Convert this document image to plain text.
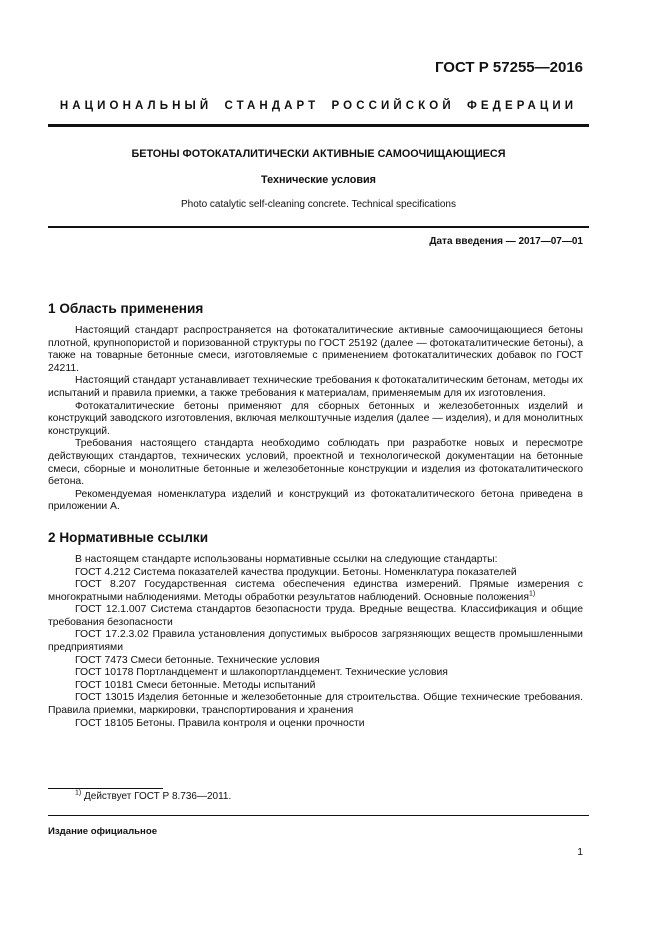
ГОСТ Р 57255—2016
НАЦИОНАЛЬНЫЙ СТАНДАРТ РОССИЙСКОЙ ФЕДЕРАЦИИ
БЕТОНЫ ФОТОКАТАЛИТИЧЕСКИ АКТИВНЫЕ САМООЧИЩАЮЩИЕСЯ
Технические условия
Photo catalytic self-cleaning concrete. Technical specifications
Дата введения — 2017—07—01
1 Область применения

Настоящий стандарт распространяется на фотокаталитические активные самоочищающиеся бетоны плотной, крупнопористой и поризованной структуры по ГОСТ 25192 (далее — фотокаталитические бетоны), а также на товарные бетонные смеси, изготовляемые с применением фотокаталитических добавок по ГОСТ 24211.

Настоящий стандарт устанавливает технические требования к фотокаталитическим бетонам, методы их испытаний и правила приемки, а также требования к материалам, применяемым для их изготовления.

Фотокаталитические бетоны применяют для сборных бетонных и железобетонных изделий и конструкций заводского изготовления, включая мелкоштучные изделия (далее — изделия), и для монолитных конструкций.

Требования настоящего стандарта необходимо соблюдать при разработке новых и пересмотре действующих стандартов, технических условий, проектной и технологической документации на бетонные смеси, сборные и монолитные бетонные и железобетонные конструкции и изделия из фотокаталитического бетона.

Рекомендуемая номенклатура изделий и конструкций из фотокаталитического бетона приведена в приложении А.

2 Нормативные ссылки

В настоящем стандарте использованы нормативные ссылки на следующие стандарты:

ГОСТ 4.212 Система показателей качества продукции. Бетоны. Номенклатура показателей

ГОСТ 8.207 Государственная система обеспечения единства измерений. Прямые измерения с многократными наблюдениями. Методы обработки результатов наблюдений. Основные положения$^{1)}$

ГОСТ 12.1.007 Система стандартов безопасности труда. Вредные вещества. Классификация и общие требования безопасности

ГОСТ 17.2.3.02 Правила установления допустимых выбросов загрязняющих веществ промышленными предприятиями

ГОСТ 7473 Смеси бетонные. Технические условия

ГОСТ 10178 Портландцемент и шлакопортландцемент. Технические условия

ГОСТ 10181 Смеси бетонные. Методы испытаний

ГОСТ 13015 Изделия бетонные и железобетонные для строительства. Общие технические требования. Правила приемки, маркировки, транспортирования и хранения

ГОСТ 18105 Бетоны. Правила контроля и оценки прочности

$^{1)}$ Действует ГОСТ Р 8.736—2011.
Издание официальное
1
